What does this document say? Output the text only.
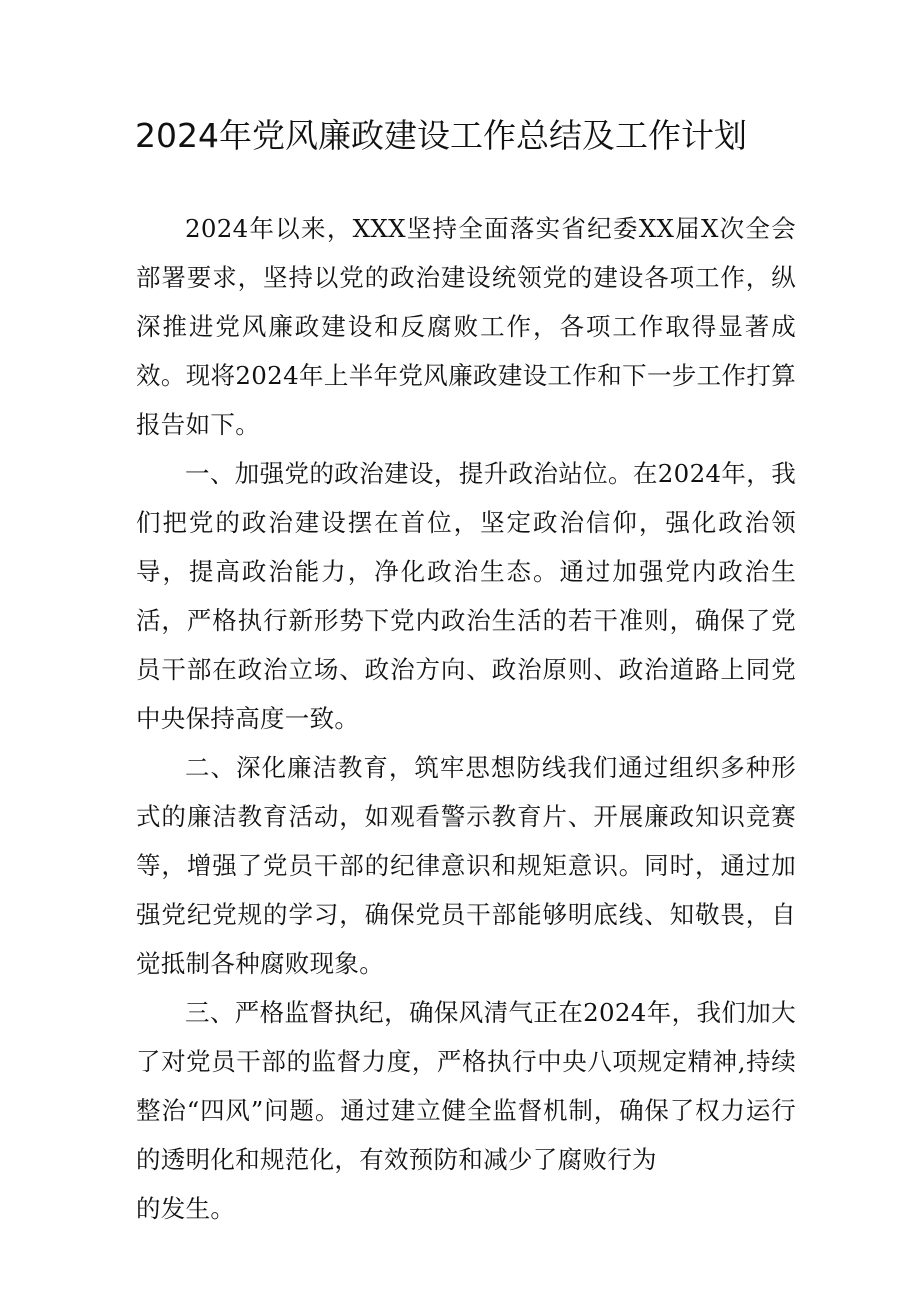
2024年党风廉政建设工作总结及工作计划

2024年以来，XXX坚持全面落实省纪委XX届X次全会部署要求，坚持以党的政治建设统领党的建设各项工作，纵深推进党风廉政建设和反腐败工作，各项工作取得显著成效。现将2024年上半年党风廉政建设工作和下一步工作打算报告如下。

一、加强党的政治建设，提升政治站位。在2024年，我们把党的政治建设摆在首位，坚定政治信仰，强化政治领导，提高政治能力，净化政治生态。通过加强党内政治生活，严格执行新形势下党内政治生活的若干准则，确保了党员干部在政治立场、政治方向、政治原则、政治道路上同党中央保持高度一致。

二、深化廉洁教育，筑牢思想防线我们通过组织多种形式的廉洁教育活动，如观看警示教育片、开展廉政知识竞赛等，增强了党员干部的纪律意识和规矩意识。同时，通过加强党纪党规的学习，确保党员干部能够明底线、知敬畏，自觉抵制各种腐败现象。

三、严格监督执纪，确保风清气正在2024年，我们加大了对党员干部的监督力度，严格执行中央八项规定精神,持续整治“四风”问题。通过建立健全监督机制，确保了权力运行的透明化和规范化，有效预防和减少了腐败行为

的发生。
